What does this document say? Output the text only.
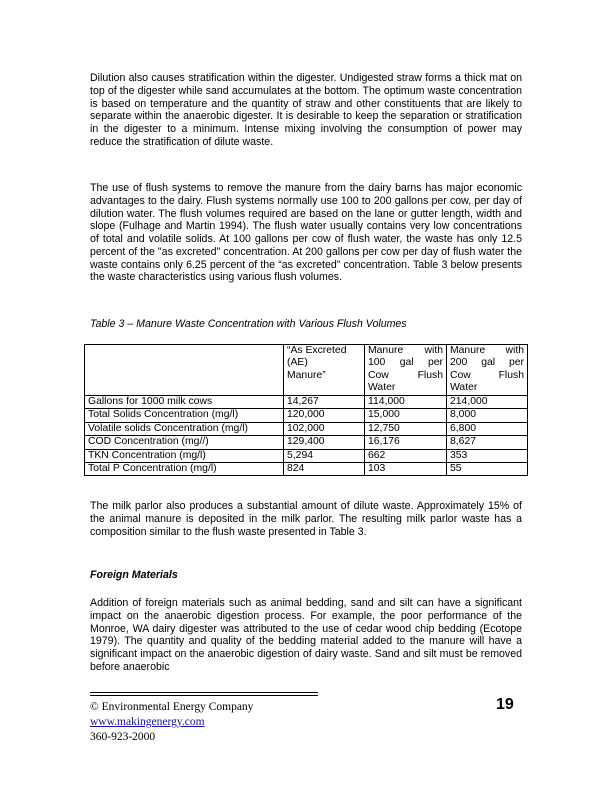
Dilution also causes stratification within the digester. Undigested straw forms a thick mat on top of the digester while sand accumulates at the bottom. The optimum waste concentration is based on temperature and the quantity of straw and other constituents that are likely to separate within the anaerobic digester. It is desirable to keep the separation or stratification in the digester to a minimum. Intense mixing involving the consumption of power may reduce the stratification of dilute waste.

The use of flush systems to remove the manure from the dairy barns has major economic advantages to the dairy. Flush systems normally use 100 to 200 gallons per cow, per day of dilution water. The flush volumes required are based on the lane or gutter length, width and slope (Fulhage and Martin 1994). The flush water usually contains very low concentrations of total and volatile solids. At 100 gallons per cow of flush water, the waste has only 12.5 percent of the "as excreted" concentration. At 200 gallons per cow per day of flush water the waste contains only 6.25 percent of the “as excreted” concentration. Table 3 below presents the waste characteristics using various flush volumes.

Table 3 – Manure Waste Concentration with Various Flush Volumes

	“As Excreted
(AE)
Manure”	Manure with
100 gal per
Cow Flush
Water	Manure with
200 gal per
Cow Flush
Water

Gallons for 1000 milk cows	14,267	114,000	214,000
Total Solids Concentration (mg/l)	120,000	15,000	8,000
Volatile solids Concentration (mg/l)	102,000	12,750	6,800
COD Concentration (mg//)	129,400	16,176	8,627
TKN Concentration (mg/l)	5,294	662	353
Total P Concentration (mg/l)	824	103	55

The milk parlor also produces a substantial amount of dilute waste. Approximately 15% of the animal manure is deposited in the milk parlor. The resulting milk parlor waste has a composition similar to the flush waste presented in Table 3.

Foreign Materials

Addition of foreign materials such as animal bedding, sand and silt can have a significant impact on the anaerobic digestion process. For example, the poor performance of the Monroe, WA dairy digester was attributed to the use of cedar wood chip bedding (Ecotope 1979). The quantity and quality of the bedding material added to the manure will have a significant impact on the anaerobic digestion of dairy waste. Sand and silt must be removed before anaerobic

© Environmental Energy Company
www.makingenergy.com
360-923-2000
19
